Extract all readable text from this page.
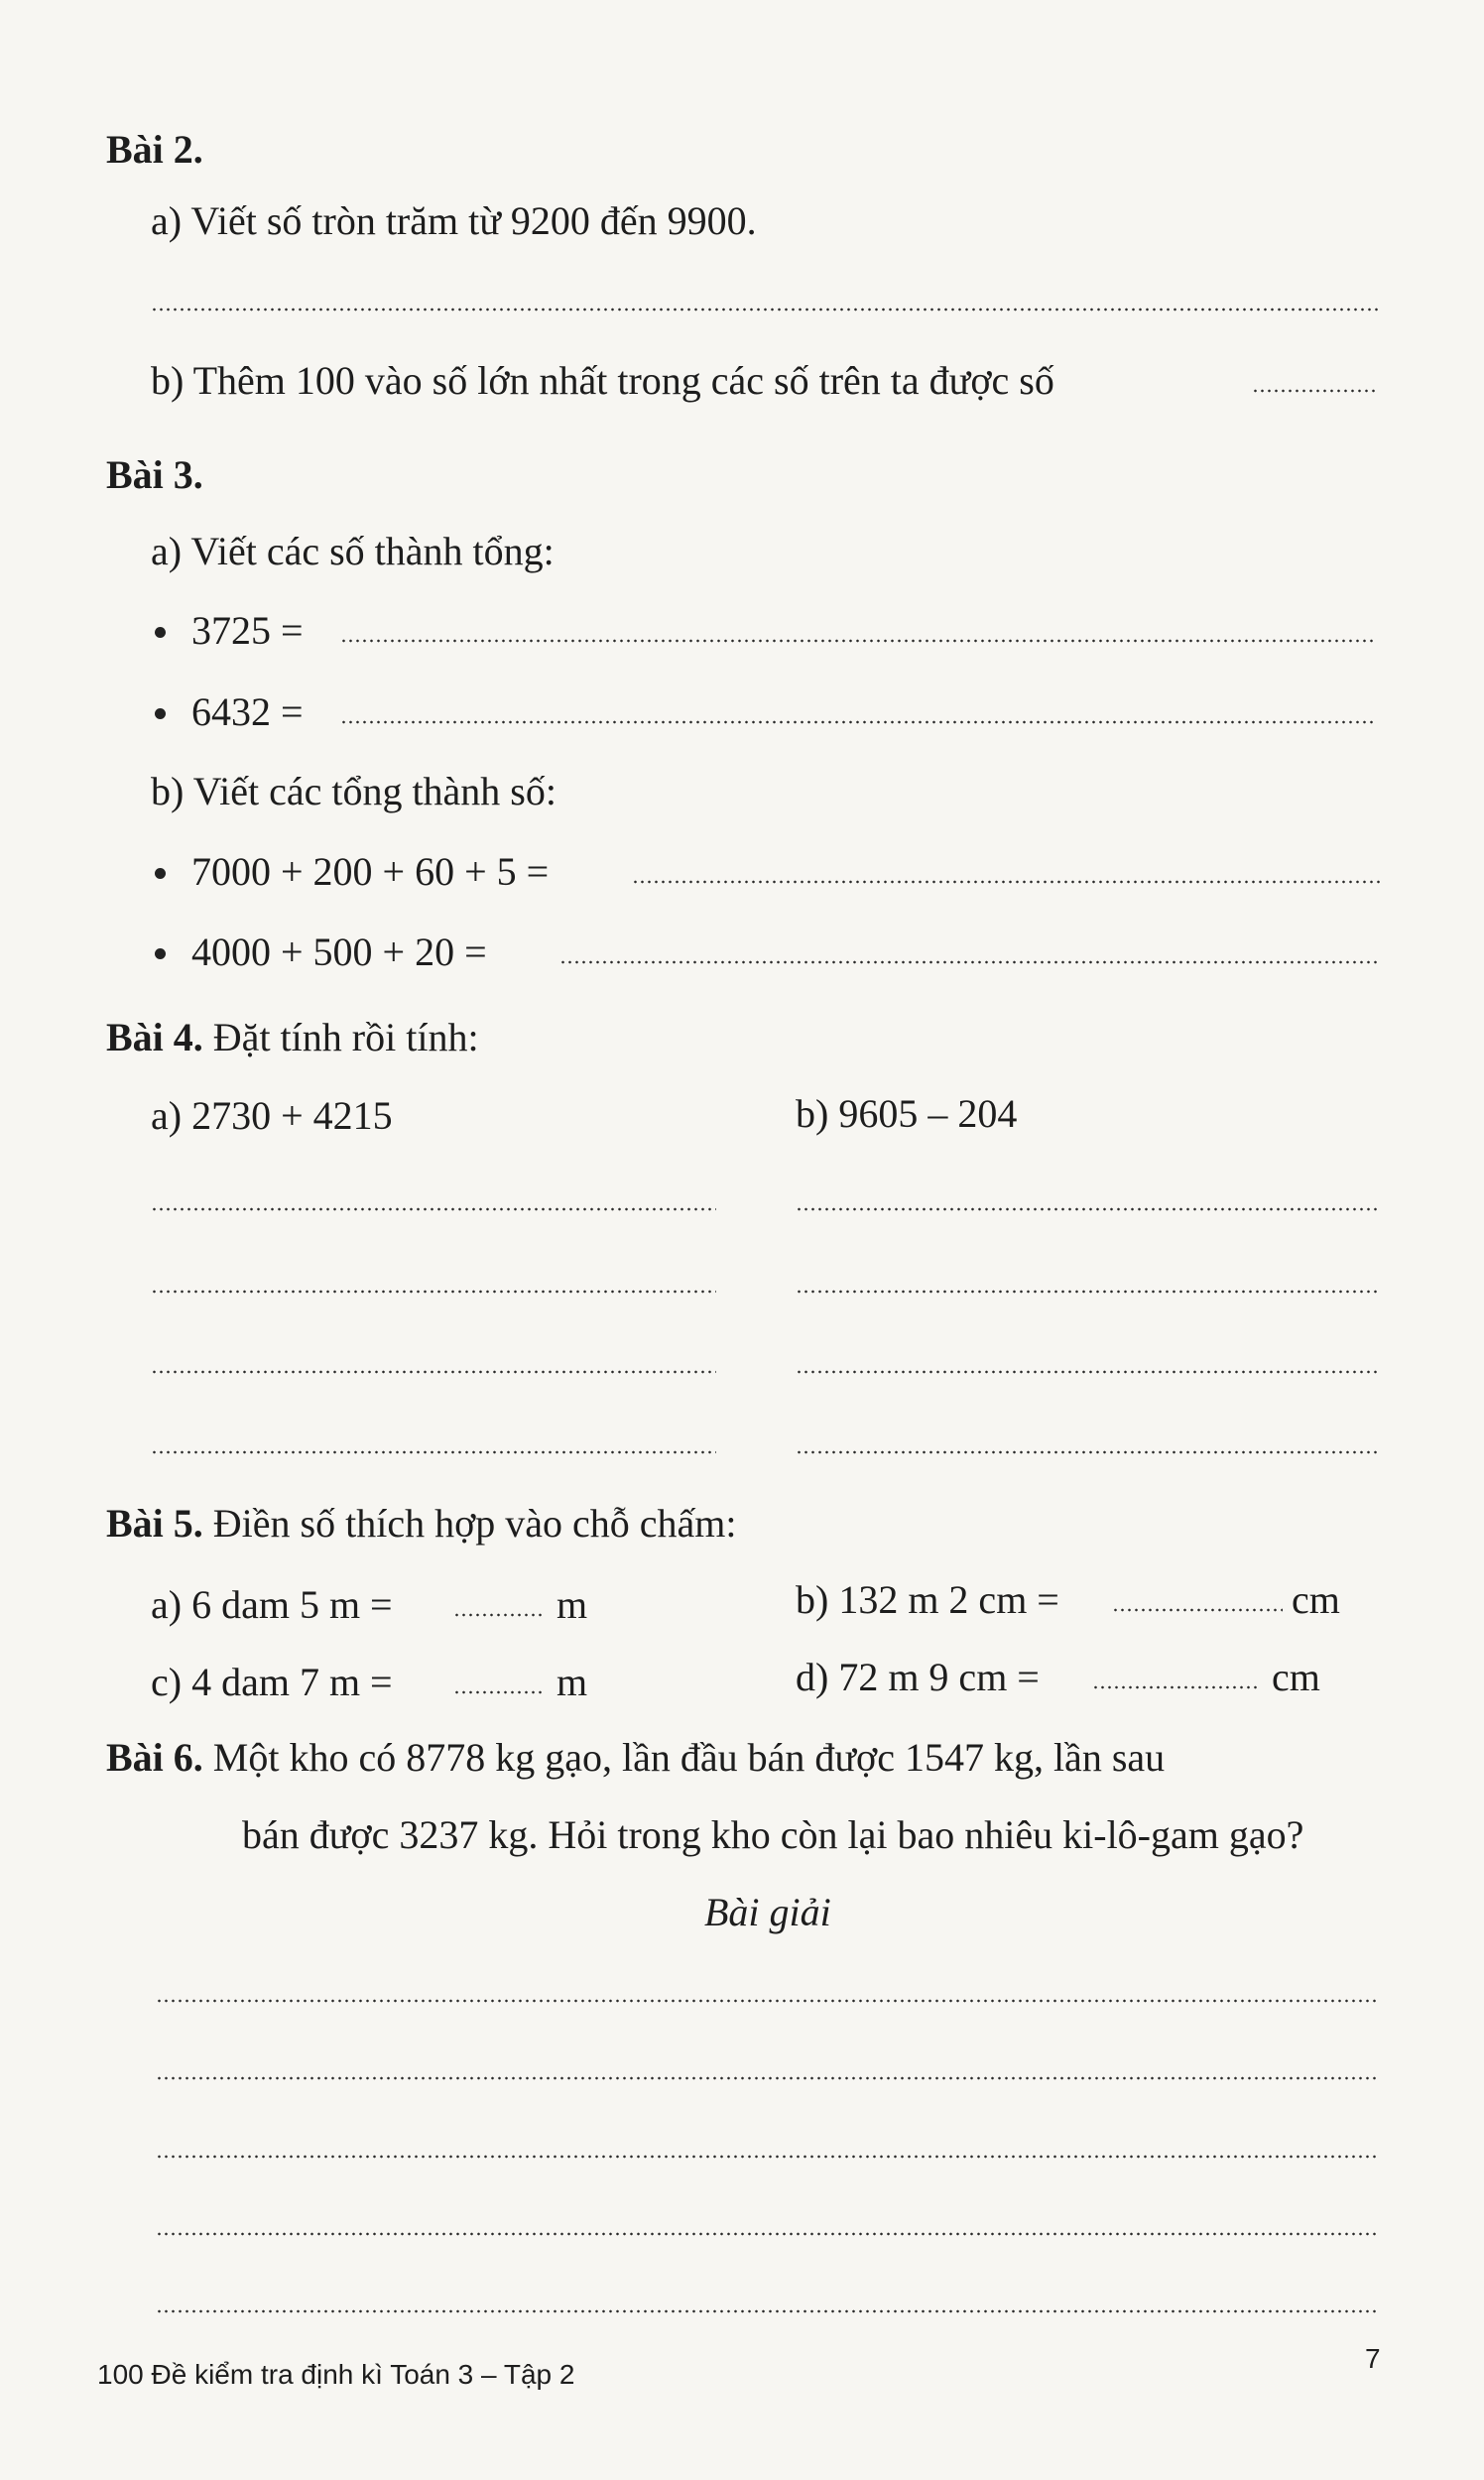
Bài 2.
a) Viết số tròn trăm từ 9200 đến 9900.
b) Thêm 100 vào số lớn nhất trong các số trên ta được số
Bài 3.
a) Viết các số thành tổng:
3725 =
6432 =
b) Viết các tổng thành số:
7000 + 200 + 60 + 5 =
4000 + 500 + 20 =
Bài 4. Đặt tính rồi tính:
a) 2730 + 4215	b) 9605 – 204
Bài 5. Điền số thích hợp vào chỗ chấm:
a) 6 dam 5 m =	m	b) 132 m 2 cm =	cm
c) 4 dam 7 m =	m	d) 72 m 9 cm =	cm
Bài 6. Một kho có 8778 kg gạo, lần đầu bán được 1547 kg, lần sau
bán được 3237 kg. Hỏi trong kho còn lại bao nhiêu ki-lô-gam gạo?
Bài giải
100 Đề kiểm tra định kì Toán 3 – Tập 2
7
